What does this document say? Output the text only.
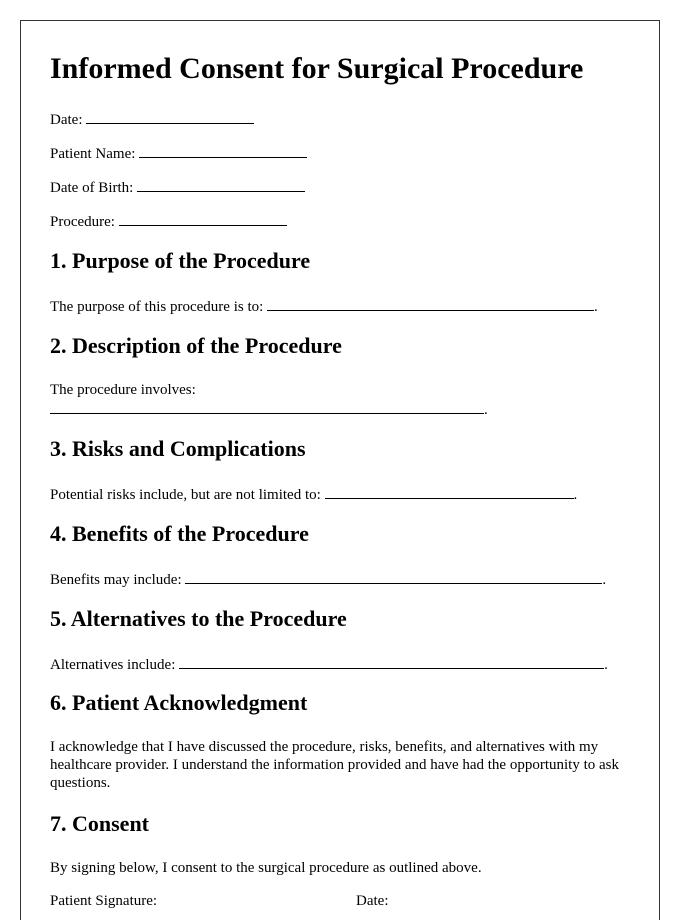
Informed Consent for Surgical Procedure
Date:
Patient Name:
Date of Birth:
Procedure:
1. Purpose of the Procedure
The purpose of this procedure is to:	.
2. Description of the Procedure
The procedure involves:
.
3. Risks and Complications
Potential risks include, but are not limited to:	.
4. Benefits of the Procedure
Benefits may include:	.
5. Alternatives to the Procedure
Alternatives include:	.
6. Patient Acknowledgment
I acknowledge that I have discussed the procedure, risks, benefits, and alternatives with my healthcare provider. I understand the information provided and have had the opportunity to ask questions.
7. Consent
By signing below, I consent to the surgical procedure as outlined above.
Patient Signature:	Date:
